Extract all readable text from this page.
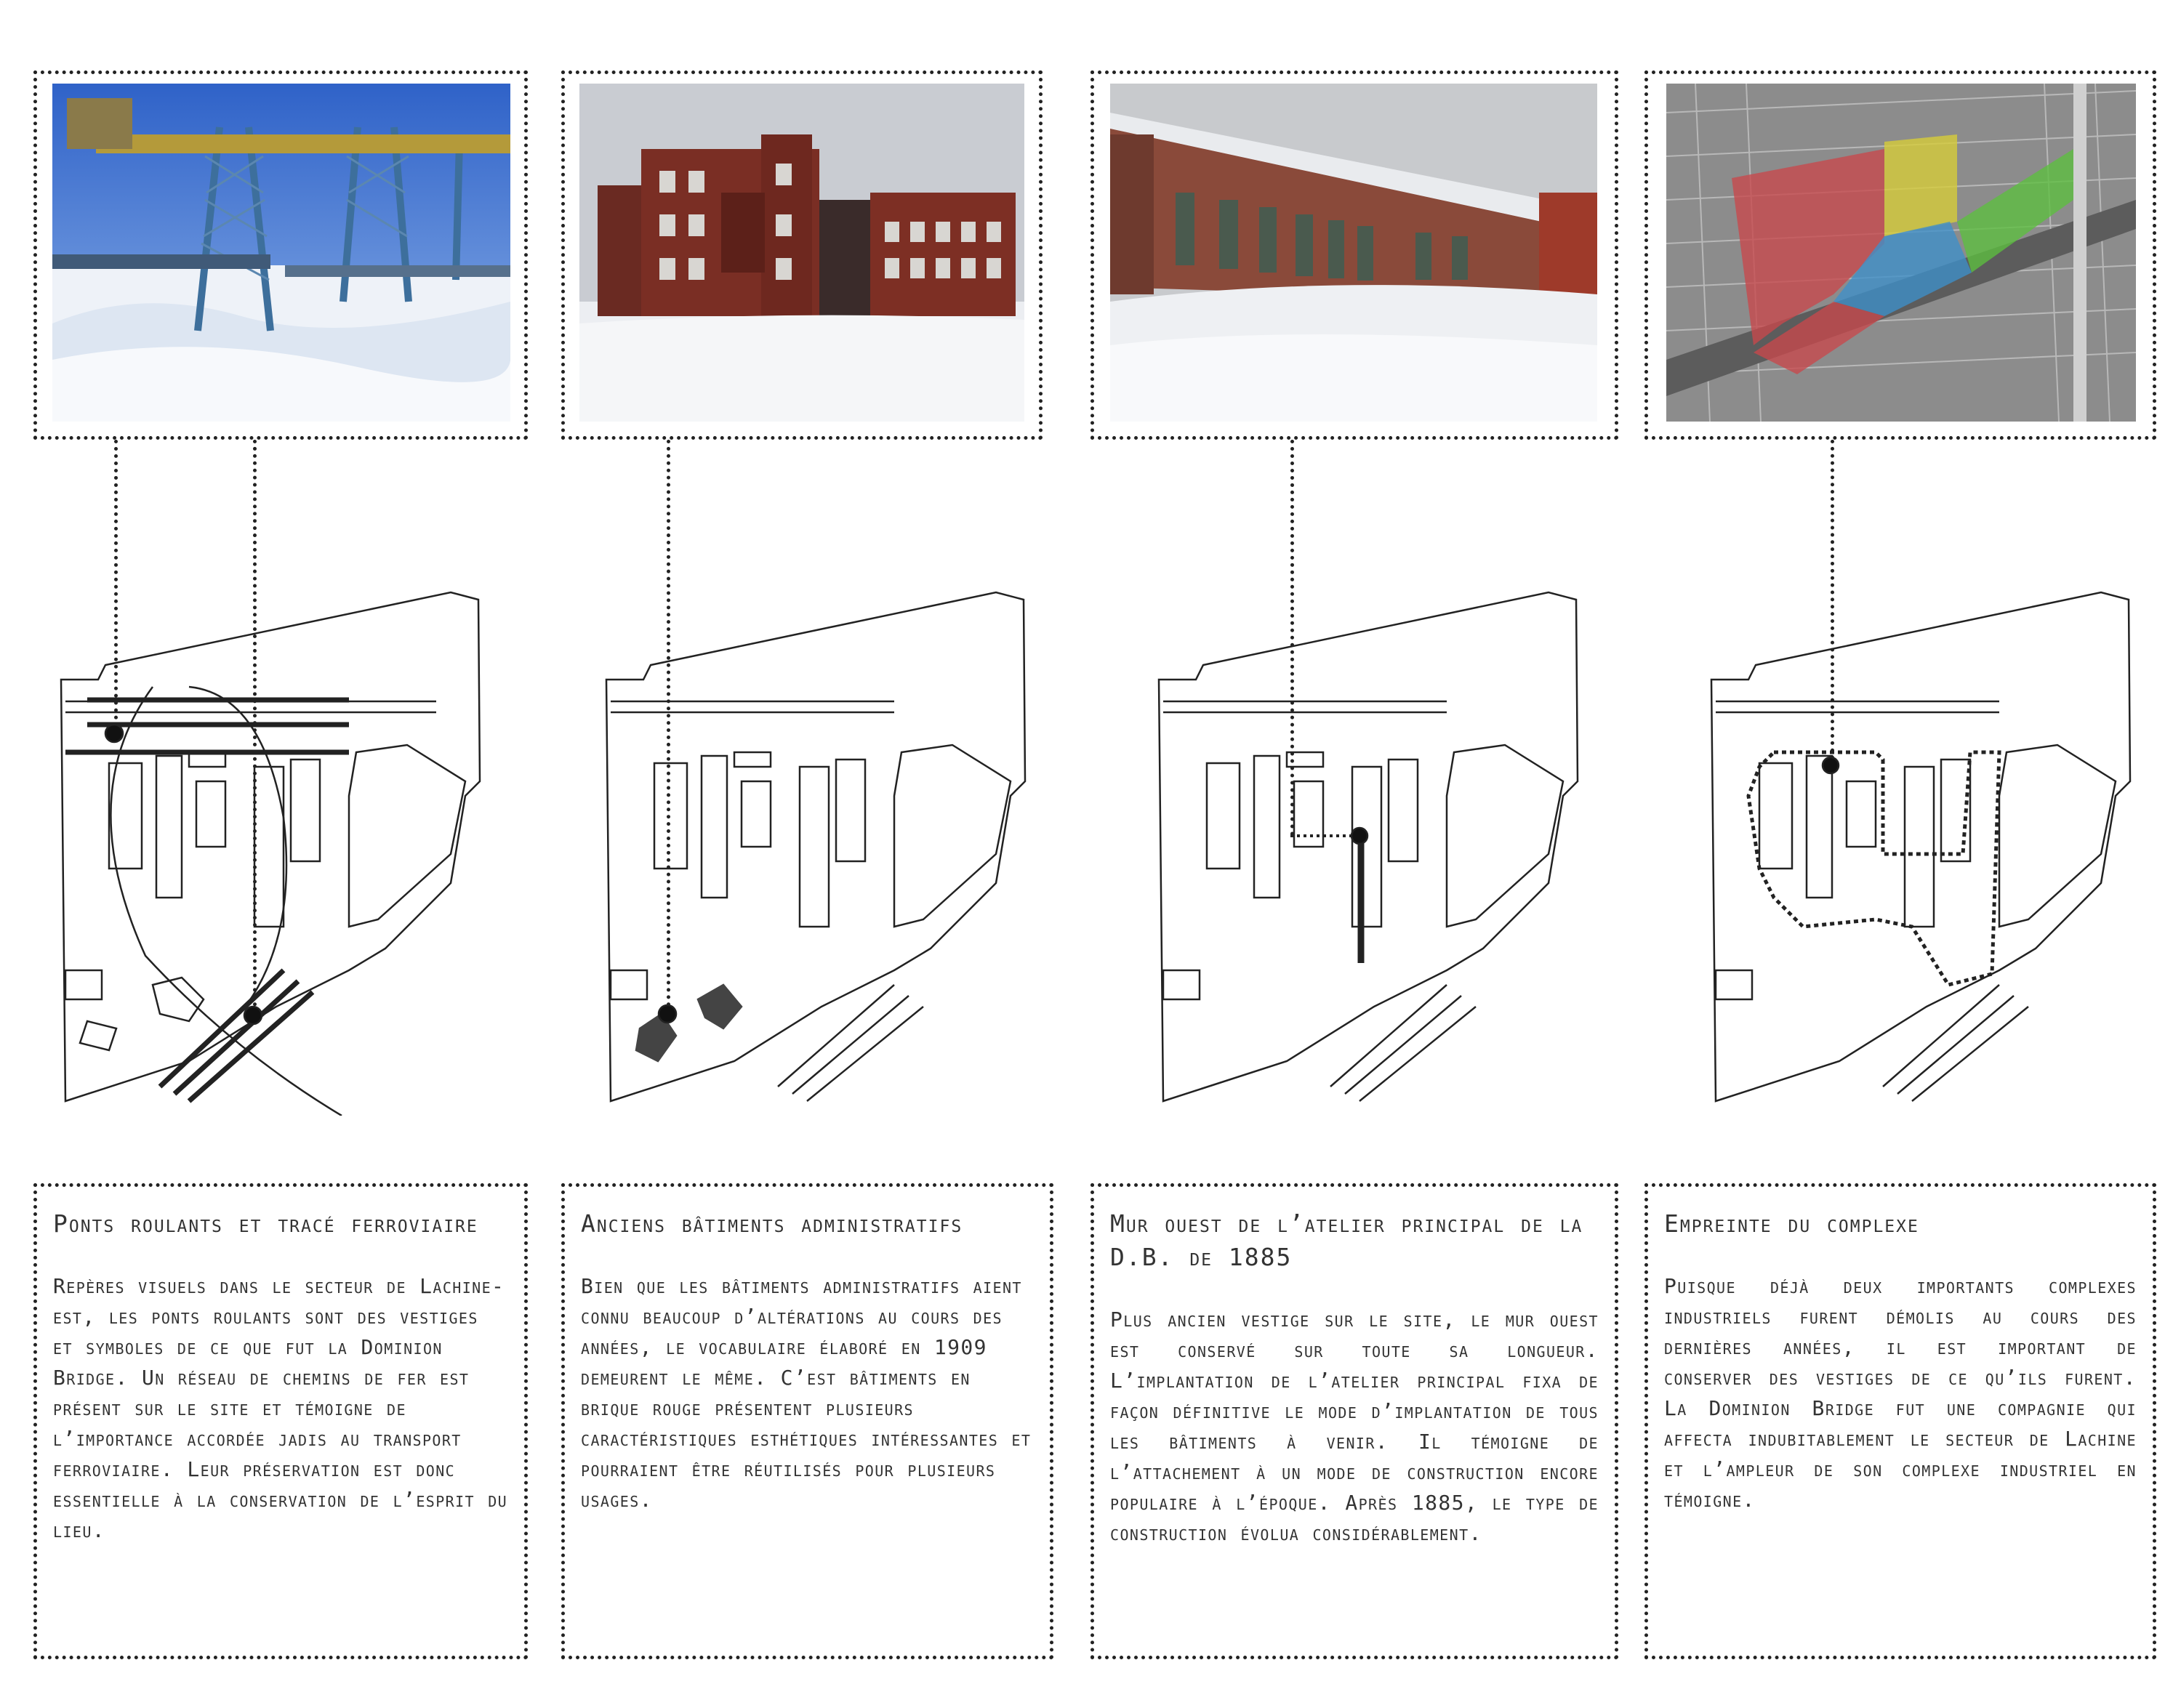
Ponts roulants et tracé ferroviaire

Repères visuels dans le secteur de Lachine-est, les ponts roulants sont des vestiges et symboles de ce que fut la Dominion Bridge. Un réseau de chemins de fer est présent sur le site et témoigne de l’importance accordée jadis au transport ferroviaire. Leur préservation est donc essentielle à la conservation de l’esprit du lieu.

Anciens bâtiments administratifs

Bien que les bâtiments administratifs aient connu beaucoup d’altérations au cours des années, le vocabulaire élaboré en 1909 demeurent le même. C’est bâtiments en brique rouge présentent plusieurs caractéristiques esthétiques intéressantes et pourraient être réutilisés pour plusieurs usages.

Mur ouest de l’atelier principal de la D.B. de 1885

Plus ancien vestige sur le site, le mur ouest est conservé sur toute sa longueur. L’implantation de l’atelier principal fixa de façon définitive le mode d’implantation de tous les bâtiments à venir. Il témoigne de l’attachement à un mode de construction encore populaire à l’époque. Après 1885, le type de construction évolua considérablement.

Empreinte du complexe

Puisque déjà deux importants complexes industriels furent démolis au cours des dernières années, il est important de conserver des vestiges de ce qu’ils furent. La Dominion Bridge fut une compagnie qui affecta indubitablement le secteur de Lachine et l’ampleur de son complexe industriel en témoigne.
